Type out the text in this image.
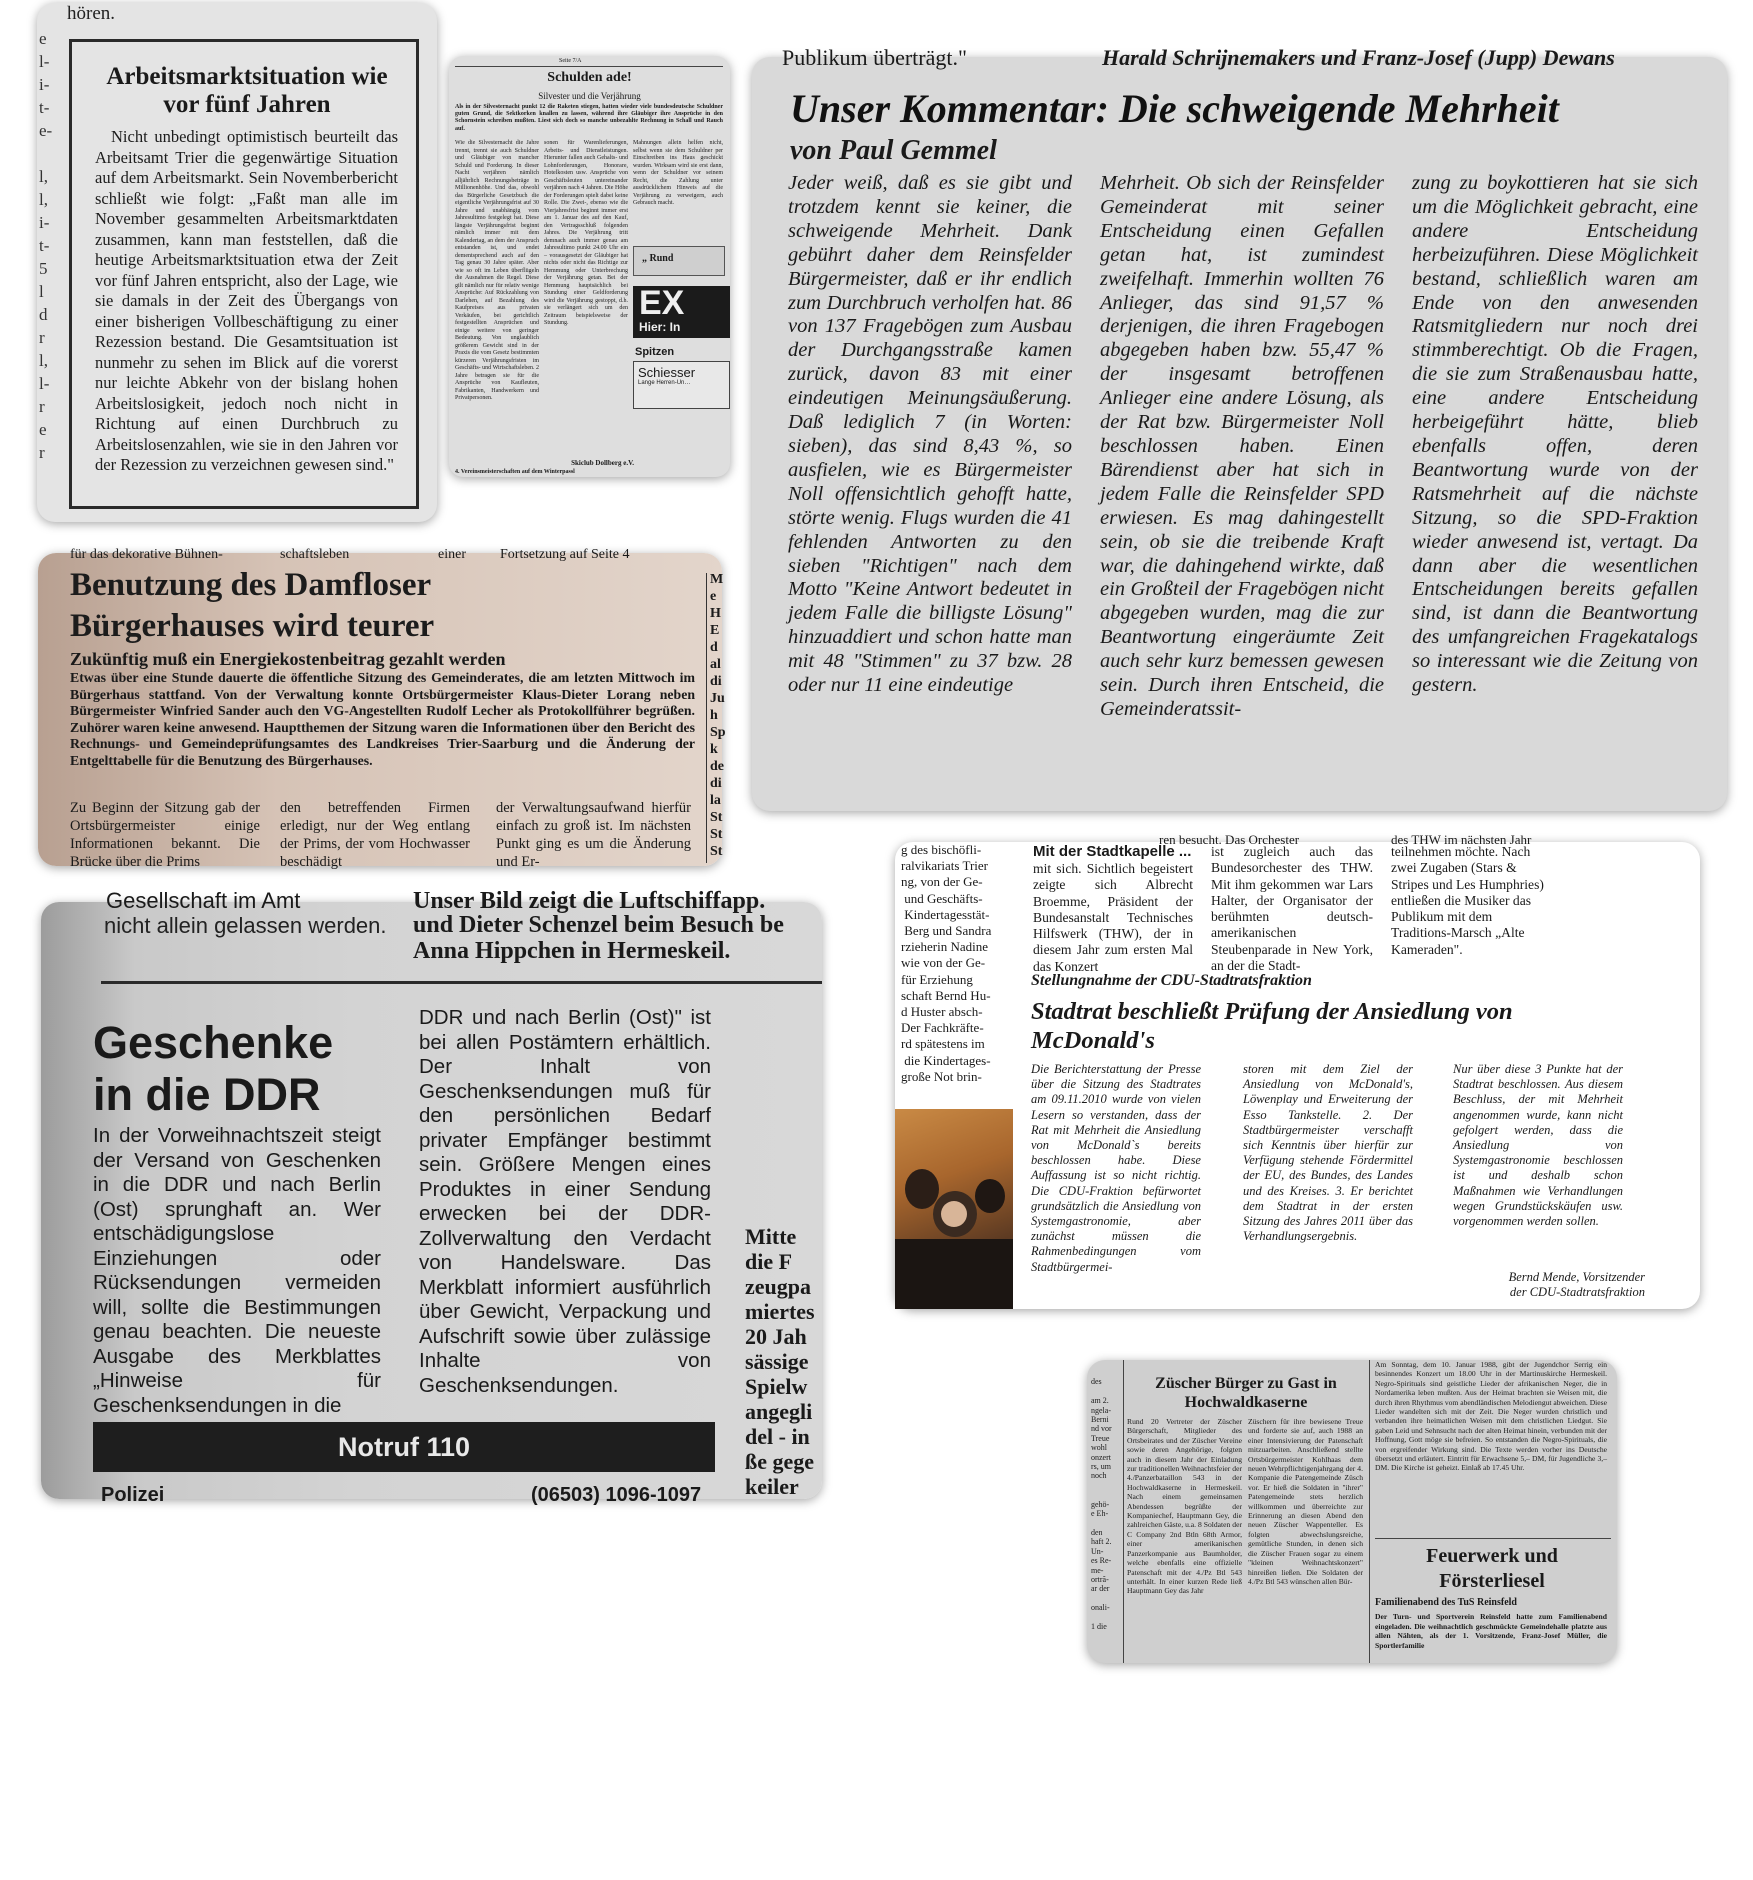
hören.
e
l-
i-
t-
e-

l,
l,
i-
t-
5
l
d
r
l,
l-
r
e
r
Arbeitsmarktsituation wie vor fünf Jahren
Nicht unbedingt optimistisch beurteilt das Arbeitsamt Trier die gegenwärtige Situation auf dem Arbeitsmarkt. Sein Novemberbericht schließt wie folgt: „Faßt man alle im November gesammelten Arbeitsmarktdaten zusammen, kann man feststellen, daß die heutige Arbeitsmarktsituation etwa der Zeit vor fünf Jahren entspricht, also der Lage, wie sie damals in der Zeit des Übergangs von einer bisherigen Vollbeschäftigung zu einer Rezession bestand. Die Gesamtsituation ist nunmehr zu sehen im Blick auf die vorerst nur leichte Abkehr von der bislang hohen Arbeitslosigkeit, jedoch noch nicht in Richtung auf einen Durchbruch zu Arbeitslosenzahlen, wie sie in den Jahren vor der Rezession zu verzeichnen gewesen sind."
Seite 7/A
Schulden ade!
Silvester und die Verjährung
Als in der Silvesternacht punkt 12 die Raketen stiegen, hatten wieder viele bundesdeutsche Schuldner guten Grund, die Sektkorken knallen zu lassen, während ihre Gläubiger ihre Ansprüche in den Schornstein schreiben mußten. Liest sich doch so manche unbezahlte Rechnung in Schall und Rauch auf.
Wie die Silvesternacht die Jahre trennt, trennt sie auch Schuldner und Gläubiger von mancher Schuld und Forderung. In dieser Nacht verjähren nämlich alljährlich Rechnungsbeträge in Millionenhöhe. Und das, obwohl das Bürgerliche Gesetzbuch die eigentliche Verjährungsfrist auf 30 Jahre und unabhängig vom Jahresultimo festgelegt hat. Diese längste Verjährungsfrist beginnt nämlich immer mit dem Kalendertag, an dem der Anspruch entstanden ist, und endet dementsprechend auch auf den Tag genau 30 Jahre später. Aber wie so oft im Leben überflügeln die Ausnahmen die Regel. Diese gilt nämlich nur für relativ wenige Ansprüche: Auf Rückzahlung von Darlehen, auf Bezahlung des Kaufpreises aus privaten Verkäufen, bei gerichtlich festgestellten Ansprüchen und einige weitere von geringer Bedeutung. Von unglaublich größerem Gewicht sind in der Praxis die vom Gesetz bestimmten kürzeren Verjährungsfristen im Geschäfts- und Wirtschaftsleben. 2 Jahre betragen sie für die Ansprüche von Kaufleuten, Fabrikanten, Handwerkern und Privatpersonen.
sonen für Warenlieferungen, Arbeits- und Dienstleistungen. Hierunter fallen auch Gehalts- und Lohnforderungen, Honorare, Hotelkosten usw. Ansprüche von Geschäftsleuten untereinander verjähren nach 4 Jahren. Die Höhe der Forderungen spielt dabei keine Rolle. Die Zwei-, ebenso wie die Vierjahresfrist beginnt immer erst am 1. Januar des auf den Kauf, den Vertragsschluß folgenden Jahres. Die Verjährung tritt demnach auch immer genau am Jahresultimo punkt 24.00 Uhr ein – vorausgesetzt der Gläubiger hat nichts oder nicht das Richtige zur Hemmung oder Unterbrechung der Verjährung getan. Bei der Hemmung hauptsächlich bei Stundung einer Geldforderung wird die Verjährung gestoppt, d.h. sie verlängert sich um den Zeitraum beispielsweise der Stundung.
Mahnungen allein helfen nicht, selbst wenn sie dem Schuldner per Einschreiben ins Haus geschickt wurden. Wirksam wird sie erst dann, wenn der Schuldner vor seinem Recht, die Zahlung unter ausdrücklichem Hinweis auf die Verjährung zu verweigern, auch Gebrauch macht.
„ Rund
EX
Hier: In
Spitzen
Schiesser
Lange Herren-Un…
Skiclub Dollberg e.V.
4. Vereinsmeisterschaften auf dem Winterpassl
Publikum überträgt."	Harald Schrijnemakers und Franz-Josef (Jupp) Dewans
Unser Kommentar: Die schweigende Mehrheit
von Paul Gemmel
Jeder weiß, daß es sie gibt und trotzdem kennt sie keiner, die schweigende Mehrheit. Dank gebührt daher dem Reinsfelder Bürgermeister, daß er ihr endlich zum Durchbruch verholfen hat. 86 von 137 Fragebögen zum Ausbau der Durchgangsstraße kamen zurück, davon 83 mit einer eindeutigen Meinungsäußerung. Daß lediglich 7 (in Worten: sieben), das sind 8,43 %, so ausfielen, wie es Bürgermeister Noll offensichtlich gehofft hatte, störte wenig. Flugs wurden die 41 fehlenden Antworten zu den sieben "Richtigen" nach dem Motto "Keine Antwort bedeutet in jedem Falle die billigste Lösung" hinzuaddiert und schon hatte man mit 48 "Stimmen" zu 37 bzw. 28 oder nur 11 eine eindeutige
Mehrheit. Ob sich der Reinsfelder Gemeinderat mit seiner Entscheidung einen Gefallen getan hat, ist zumindest zweifelhaft. Immerhin wollten 76 Anlieger, das sind 91,57 % derjenigen, die ihren Fragebogen abgegeben haben bzw. 55,47 % der insgesamt betroffenen Anlieger eine andere Lösung, als der Rat bzw. Bürgermeister Noll beschlossen haben. Einen Bärendienst aber hat sich in jedem Falle die Reinsfelder SPD erwiesen. Es mag dahingestellt sein, ob sie die treibende Kraft war, die dahingehend wirkte, daß ein Großteil der Fragebögen nicht abgegeben wurden, mag die zur Beantwortung eingeräumte Zeit auch sehr kurz bemessen gewesen sein. Durch ihren Entscheid, die Gemeinderatssit-
zung zu boykottieren hat sie sich um die Möglichkeit gebracht, eine andere Entscheidung herbeizuführen. Diese Möglichkeit bestand, schließlich waren am Ende von den anwesenden Ratsmitgliedern nur noch drei stimmberechtigt. Ob die Fragen, die sie zum Straßenausbau hatte, eine andere Entscheidung herbeigeführt hätte, blieb ebenfalls offen, deren Beantwortung wurde von der Ratsmehrheit auf die nächste Sitzung, so die SPD-Fraktion wieder anwesend ist, vertagt. Da dann aber die wesentlichen Entscheidungen bereits gefallen sind, ist dann die Beantwortung des umfangreichen Fragekatalogs so interessant wie die Zeitung von gestern.
für das dekorative Bühnen-	schaftsleben	einer Fortsetzung auf Seite 4
Benutzung des Damfloser Bürgerhauses wird teurer
Zukünftig muß ein Energiekostenbeitrag gezahlt werden
Etwas über eine Stunde dauerte die öffentliche Sitzung des Gemeinderates, die am letzten Mittwoch im Bürgerhaus stattfand. Von der Verwaltung konnte Ortsbürgermeister Klaus-Dieter Lorang neben Bürgermeister Winfried Sander auch den VG-Angestellten Rudolf Lecher als Protokollführer begrüßen. Zuhörer waren keine anwesend. Hauptthemen der Sitzung waren die Informationen über den Bericht des Rechnungs- und Gemeindeprüfungsamtes des Landkreises Trier-Saarburg und die Änderung der Entgelttabelle für die Benutzung des Bürgerhauses.
Zu Beginn der Sitzung gab der Ortsbürgermeister einige Informationen bekannt. Die Brücke über die Prims
den betreffenden Firmen erledigt, nur der Weg entlang der Prims, der vom Hochwasser beschädigt
der Verwaltungsaufwand hierfür einfach zu groß ist. Im nächsten Punkt ging es um die Änderung und Er-
M
e
H
E
d
al
di
Ju
h
Sp
k
de
di
la
St
St
St
Gesellschaft im Amt
nicht allein gelassen werden.
Unser Bild zeigt die Luftschiffapp.
und Dieter Schenzel beim Besuch be
Anna Hippchen in Hermeskeil.
Geschenke in die DDR
In der Vorweihnachtszeit steigt der Versand von Geschenken in die DDR und nach Berlin (Ost) sprunghaft an. Wer entschädigungslose Einziehungen oder Rücksendungen vermeiden will, sollte die Bestimmungen genau beachten. Die neueste Ausgabe des Merkblattes „Hinweise für Geschenksendungen in die
DDR und nach Berlin (Ost)" ist bei allen Postämtern erhältlich. Der Inhalt von Geschenksendungen muß für den persönlichen Bedarf privater Empfänger bestimmt sein. Größere Mengen eines Produktes in einer Sendung erwecken bei der DDR-Zollverwaltung den Verdacht von Handelsware. Das Merkblatt informiert ausführlich über Gewicht, Verpackung und Aufschrift sowie über zulässige Inhalte von Geschenksendungen.
Mitte
die F
zeugpa
miertes
20 Jah
sässige
Spielw
angegli
del - in
ße gege
keiler
Notruf 110
Polizei	(06503) 1096-1097
g des bischöfli-
ralvikariats Trier
ng, von der Ge-
und Geschäfts-
Kindertagesstät-
Berg und Sandra
rzieherin Nadine
wie von der Ge-
für Erziehung
schaft Bernd Hu-
d Huster absch-
Der Fachkräfte-
rd spätestens im
die Kindertages-
große Not brin-
ren besucht. Das Orchester
Mit der Stadtkapelle ...
mit sich. Sichtlich begeistert zeigte sich Albrecht Broemme, Präsident der Bundesanstalt Technisches Hilfswerk (THW), der in diesem Jahr zum ersten Mal das Konzert
ist zugleich auch das Bundesorchester des THW. Mit ihm gekommen war Lars Halter, der Organisator der berühmten deutsch-amerikanischen Steubenparade in New York, an der die Stadt-
des THW im nächsten Jahr
teilnehmen möchte. Nach zwei Zugaben (Stars & Stripes und Les Humphries) entließen die Musiker das Publikum mit dem Traditions-Marsch „Alte Kameraden".
Stellungnahme der CDU-Stadtratsfraktion
Stadtrat beschließt Prüfung der Ansiedlung von McDonald's
Die Berichterstattung der Presse über die Sitzung des Stadtrates am 09.11.2010 wurde von vielen Lesern so verstanden, dass der Rat mit Mehrheit die Ansiedlung von McDonald`s bereits beschlossen habe. Diese Auffassung ist so nicht richtig. Die CDU-Fraktion befürwortet grundsätzlich die Ansiedlung von Systemgastronomie, aber zunächst müssen die Rahmenbedingungen vom Stadtbürgermei-
storen mit dem Ziel der Ansiedlung von McDonald's, Löwenplay und Erweiterung der Esso Tankstelle. 2. Der Stadtbürgermeister verschafft sich Kenntnis über hierfür zur Verfügung stehende Fördermittel der EU, des Bundes, des Landes und des Kreises. 3. Er berichtet dem Stadtrat in der ersten Sitzung des Jahres 2011 über das Verhandlungsergebnis.
Nur über diese 3 Punkte hat der Stadtrat beschlossen. Aus diesem Beschluss, der mit Mehrheit angenommen wurde, kann nicht gefolgert werden, dass die Ansiedlung von Systemgastronomie beschlossen ist und deshalb schon Maßnahmen wie Verhandlungen wegen Grundstückskäufen usw. vorgenommen werden sollen.
Bernd Mende, Vorsitzender
der CDU-Stadtratsfraktion

des

am 2.
ngela-
Berni
nd vor
Treue
wohl
onzert
rs, um
noch

gehö-
e Eh-

den
haft 2.
Un-
es Re-
me-
ortrã-
ar der

onali-

1 die
Züscher Bürger zu Gast in Hochwaldkaserne
Rund 20 Vertreter der Züscher Bürgerschaft, Mitglieder des Ortsbeirates und der Züscher Vereine sowie deren Angehörige, folgten auch in diesem Jahr der Einladung zur traditionellen Weihnachtsfeier der 4./Panzerbataillon 543 in der Hochwaldkaserne in Hermeskeil. Nach einem gemeinsamen Abendessen begrüßte der Kompaniechef, Hauptmann Gey, die zahlreichen Gäste, u.a. 8 Soldaten der C Company 2nd Btln 68th Armor, einer amerikanischen Panzerkompanie aus Baumholder, welche ebenfalls eine offizielle Patenschaft mit der 4./Pz Btl 543 unterhält. In einer kurzen Rede ließ Hauptmann Gey das Jahr
Züschern für ihre bewiesene Treue und forderte sie auf, auch 1988 an einer Intensivierung der Patenschaft mitzuarbeiten. Anschließend stellte Ortsbürgermeister Kohlhaas dem neuen Wehrpflichtigenjahrgang der 4. Kompanie die Patengemeinde Züsch vor. Er hieß die Soldaten in "ihrer" Patengemeinde stets herzlich willkommen und überreichte zur Erinnerung an diesen Abend den neuen Züscher Wappenteller. Es folgten abwechslungsreiche, gemütliche Stunden, in denen sich die Züscher Frauen sogar zu einem "kleinen Weihnachtskonzert" hinreißen ließen. Die Soldaten der 4./Pz Btl 543 wünschen allen Bür-
Am Sonntag, dem 10. Januar 1988, gibt der Jugendchor Serrig ein besinnendes Konzert um 18.00 Uhr in der Martinuskirche Hermeskeil. Negro-Spirituals sind geistliche Lieder der afrikanischen Neger, die in Nordamerika leben mußten. Aus der Heimat brachten sie Weisen mit, die durch ihren Rhythmus vom abendländischen Melodiengut abweichen. Diese Lieder wandelten sich mit der Zeit. Die Neger wurden christlich und verbanden ihre heimatlichen Weisen mit dem christlichen Liedgut. Sie gaben Leid und Sehnsucht nach der alten Heimat hinein, verbunden mit der Hoffnung, Gott möge sie befreien. So entstanden die Negro-Spirituals, die von ergreifender Wirkung sind. Die Texte werden vorher ins Deutsche übersetzt und erläutert. Eintritt für Erwachsene 5,– DM, für Jugendliche 3,– DM. Die Kirche ist geheizt. Einlaß ab 17.45 Uhr.
Feuerwerk und Försterliesel
Familienabend des TuS Reinsfeld
Der Turn- und Sportverein Reinsfeld hatte zum Familienabend eingeladen. Die weihnachtlich geschmückte Gemeindehalle platzte aus allen Nähten, als der 1. Vorsitzende, Franz-Josef Müller, die Sportlerfamilie
